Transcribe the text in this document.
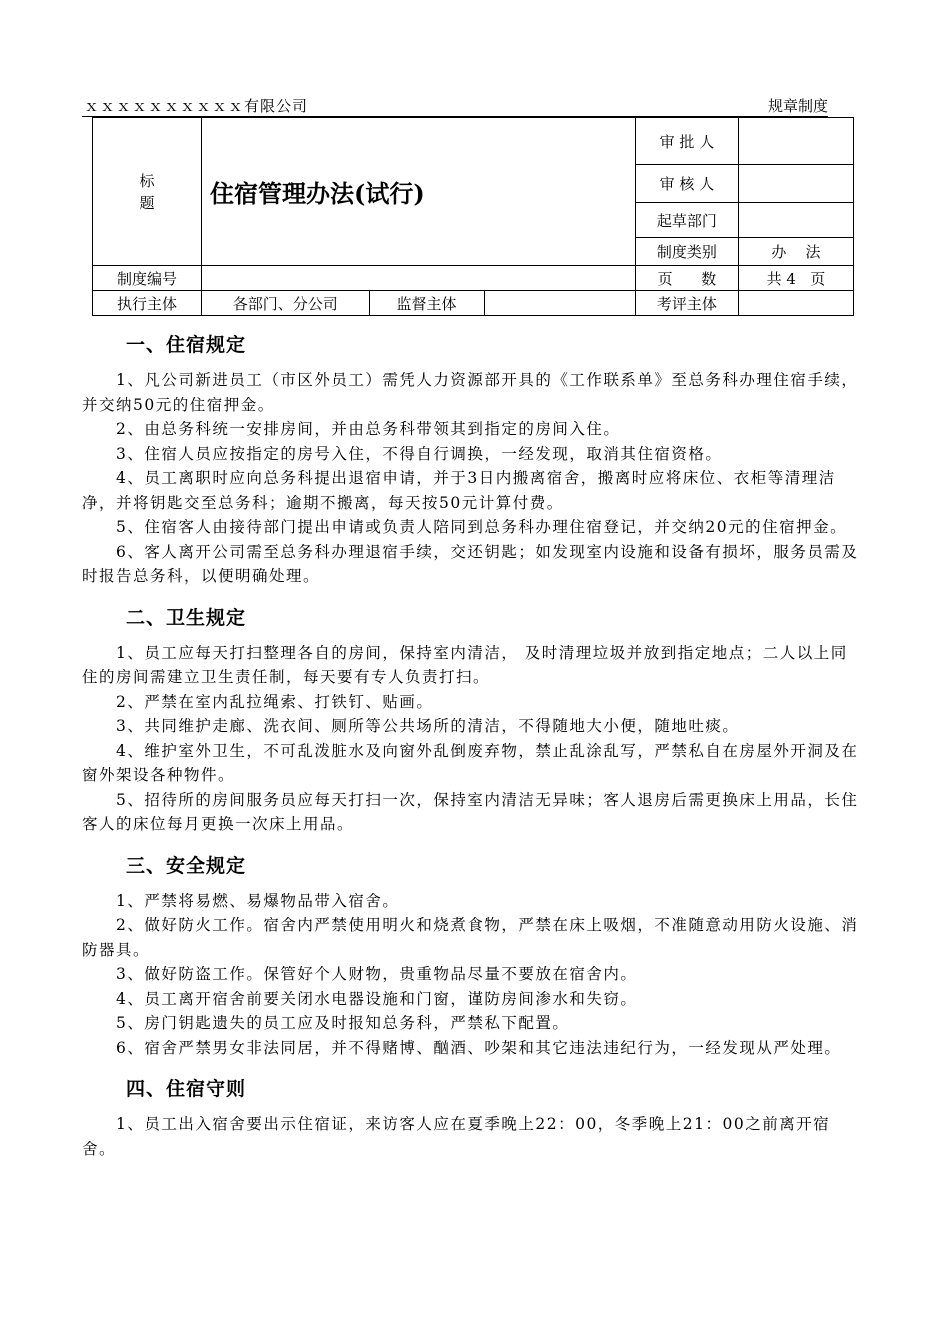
ｘｘｘｘｘｘｘｘｘｘ有限公司	规章制度
标
题	住宿管理办法(试行)			审 批 人	
				审 核 人	
				起草部门	
				制度类别	办    法
制度编号				页      数	共 4   页
执行主体	各部门、分公司	监督主体		考评主体	
一、住宿规定

1、凡公司新进员工（市区外员工）需凭人力资源部开具的《工作联系单》至总务科办理住宿手续，并交纳50元的住宿押金。

2、由总务科统一安排房间，并由总务科带领其到指定的房间入住。

3、住宿人员应按指定的房号入住，不得自行调换，一经发现，取消其住宿资格。

4、员工离职时应向总务科提出退宿申请，并于3日内搬离宿舍，搬离时应将床位、衣柜等清理洁净，并将钥匙交至总务科；逾期不搬离，每天按50元计算付费。

5、住宿客人由接待部门提出申请或负责人陪同到总务科办理住宿登记，并交纳20元的住宿押金。

6、客人离开公司需至总务科办理退宿手续，交还钥匙；如发现室内设施和设备有损坏，服务员需及时报告总务科，以便明确处理。

二、卫生规定

1、员工应每天打扫整理各自的房间，保持室内清洁， 及时清理垃圾并放到指定地点；二人以上同住的房间需建立卫生责任制，每天要有专人负责打扫。

2、严禁在室内乱拉绳索、打铁钉、贴画。

3、共同维护走廊、洗衣间、厕所等公共场所的清洁，不得随地大小便，随地吐痰。

4、维护室外卫生，不可乱泼脏水及向窗外乱倒废弃物，禁止乱涂乱写，严禁私自在房屋外开洞及在窗外架设各种物件。

5、招待所的房间服务员应每天打扫一次，保持室内清洁无异味；客人退房后需更换床上用品，长住客人的床位每月更换一次床上用品。

三、安全规定

1、严禁将易燃、易爆物品带入宿舍。

2、做好防火工作。宿舍内严禁使用明火和烧煮食物，严禁在床上吸烟，不准随意动用防火设施、消防器具。

3、做好防盗工作。保管好个人财物，贵重物品尽量不要放在宿舍内。

4、员工离开宿舍前要关闭水电器设施和门窗，谨防房间渗水和失窃。

5、房门钥匙遗失的员工应及时报知总务科，严禁私下配置。

6、宿舍严禁男女非法同居，并不得赌博、酗酒、吵架和其它违法违纪行为，一经发现从严处理。

四、住宿守则

1、员工出入宿舍要出示住宿证，来访客人应在夏季晚上22：00，冬季晚上21：00之前离开宿舍。
